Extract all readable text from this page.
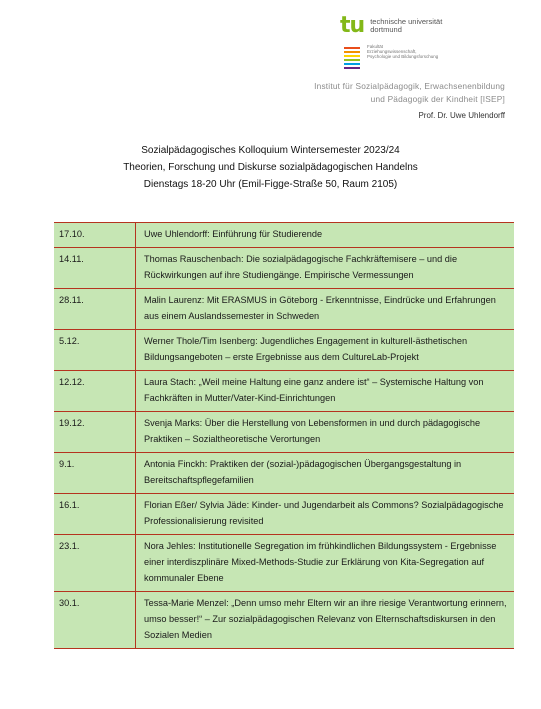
tu technische universität
dortmund
Fakultät
Erziehungswissenschaft,
Psychologie und Bildungsforschung
Institut für Sozialpädagogik, Erwachsenenbildung
und Pädagogik der Kindheit [ISEP]
Prof. Dr. Uwe Uhlendorff
Sozialpädagogisches Kolloquium Wintersemester 2023/24
Theorien, Forschung und Diskurse sozialpädagogischen Handelns
Dienstags 18-20 Uhr (Emil-Figge-Straße 50, Raum 2105)
17.10.	Uwe Uhlendorff: Einführung für Studierende
14.11.	Thomas Rauschenbach: Die sozialpädagogische Fachkräftemisere – und die Rückwirkungen auf ihre Studiengänge. Empirische Vermessungen
28.11.	Malin Laurenz: Mit ERASMUS in Göteborg - Erkenntnisse, Eindrücke und Erfahrungen aus einem Auslandssemester in Schweden
5.12.	Werner Thole/Tim Isenberg: Jugendliches Engagement in kulturell-ästhetischen Bildungsangeboten – erste Ergebnisse aus dem CultureLab-Projekt
12.12.	Laura Stach: „Weil meine Haltung eine ganz andere ist“ – Systemische Haltung von Fachkräften in Mutter/Vater-Kind-Einrichtungen
19.12.	Svenja Marks: Über die Herstellung von Lebensformen in und durch pädagogische Praktiken – Sozialtheoretische Verortungen
9.1.	Antonia Finckh: Praktiken der (sozial-)pädagogischen Übergangsgestaltung in Bereitschaftspflegefamilien
16.1.	Florian Eßer/ Sylvia Jäde: Kinder- und Jugendarbeit als Commons? Sozialpädagogische Professionalisierung revisited
23.1.	Nora Jehles: Institutionelle Segregation im frühkindlichen Bildungssystem - Ergebnisse einer interdiszplinäre Mixed-Methods-Studie zur Erklärung von Kita-Segregation auf kommunaler Ebene
30.1.	Tessa-Marie Menzel: „Denn umso mehr Eltern wir an ihre riesige Verantwortung erinnern, umso besser!“ – Zur sozialpädagogischen Relevanz von Elternschaftsdiskursen in den Sozialen Medien
